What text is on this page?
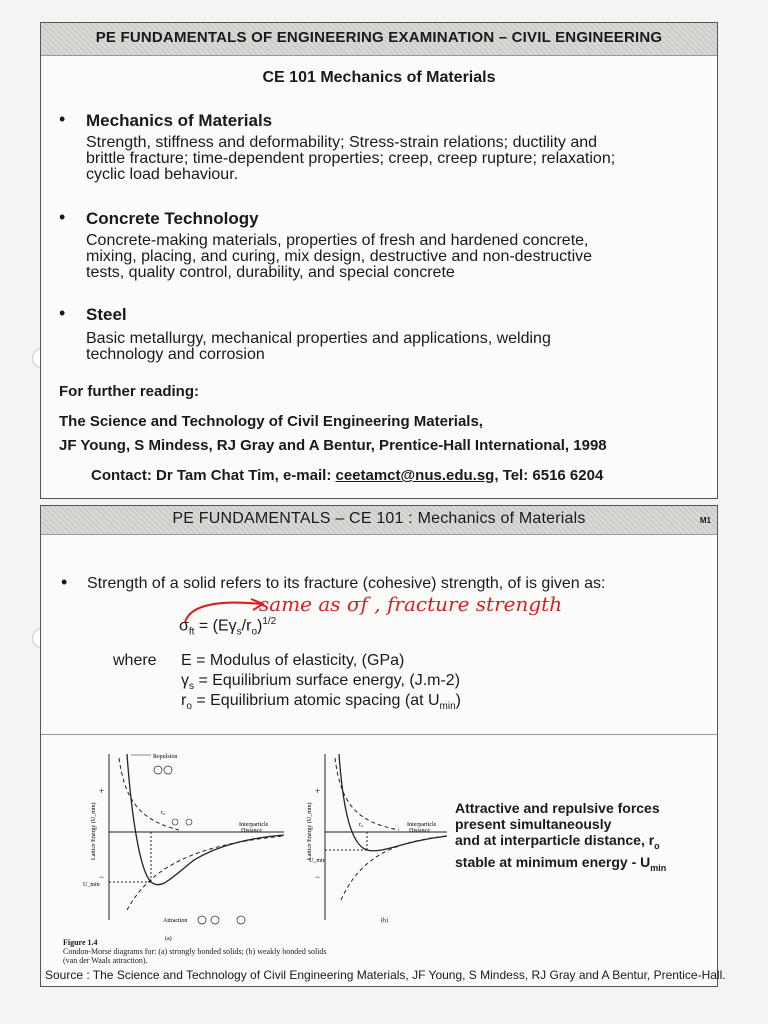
PE FUNDAMENTALS OF ENGINEERING EXAMINATION – CIVIL ENGINEERING
CE 101 Mechanics of Materials
• Mechanics of Materials
Strength, stiffness and deformability; Stress-strain relations; ductility and
brittle fracture; time-dependent properties; creep, creep rupture; relaxation;
cyclic load behaviour.
• Concrete Technology
Concrete-making materials, properties of fresh and hardened concrete,
mixing, placing, and curing, mix design, destructive and non-destructive
tests, quality control, durability, and special concrete
• Steel
Basic metallurgy, mechanical properties and applications, welding
technology and corrosion
For further reading:
The Science and Technology of Civil Engineering Materials,
JF Young, S Mindess, RJ Gray and A Bentur, Prentice-Hall International, 1998
Contact: Dr Tam Chat Tim, e-mail: ceetamct@nus.edu.sg, Tel: 6516 6204
PE FUNDAMENTALS – CE 101 : Mechanics of Materials	M1
• Strength of a solid refers to its fracture (cohesive) strength, of is given as:
same as σf , fracture strength
$\sigma_{ft} = (E\gamma_s/r_o)^{1/2}$
where E = Modulus of elasticity, (GPa)
$\gamma_s$ = Equilibrium surface energy, (J.m-2)
$r_o$ = Equilibrium atomic spacing (at $U_{min}$)
+
−
Lattice Energy (U_min)
Repulsion
r₀
Interparticle
Distance
U_min
Attraction
(a)
+
−
Lattice Energy (U_min)	r₀	Interparticle
Distance
U_min
(b)
Figure 1.4
Condon-Morse diagrams for: (a) strongly bonded solids; (b) weakly bonded solids
(van der Waals attraction).
Attractive and repulsive forces
present simultaneously
and at interparticle distance, $r_o$
stable at minimum energy - $U_{min}$
Source : The Science and Technology of Civil Engineering Materials, JF Young, S Mindess, RJ Gray and A Bentur, Prentice-Hall.
